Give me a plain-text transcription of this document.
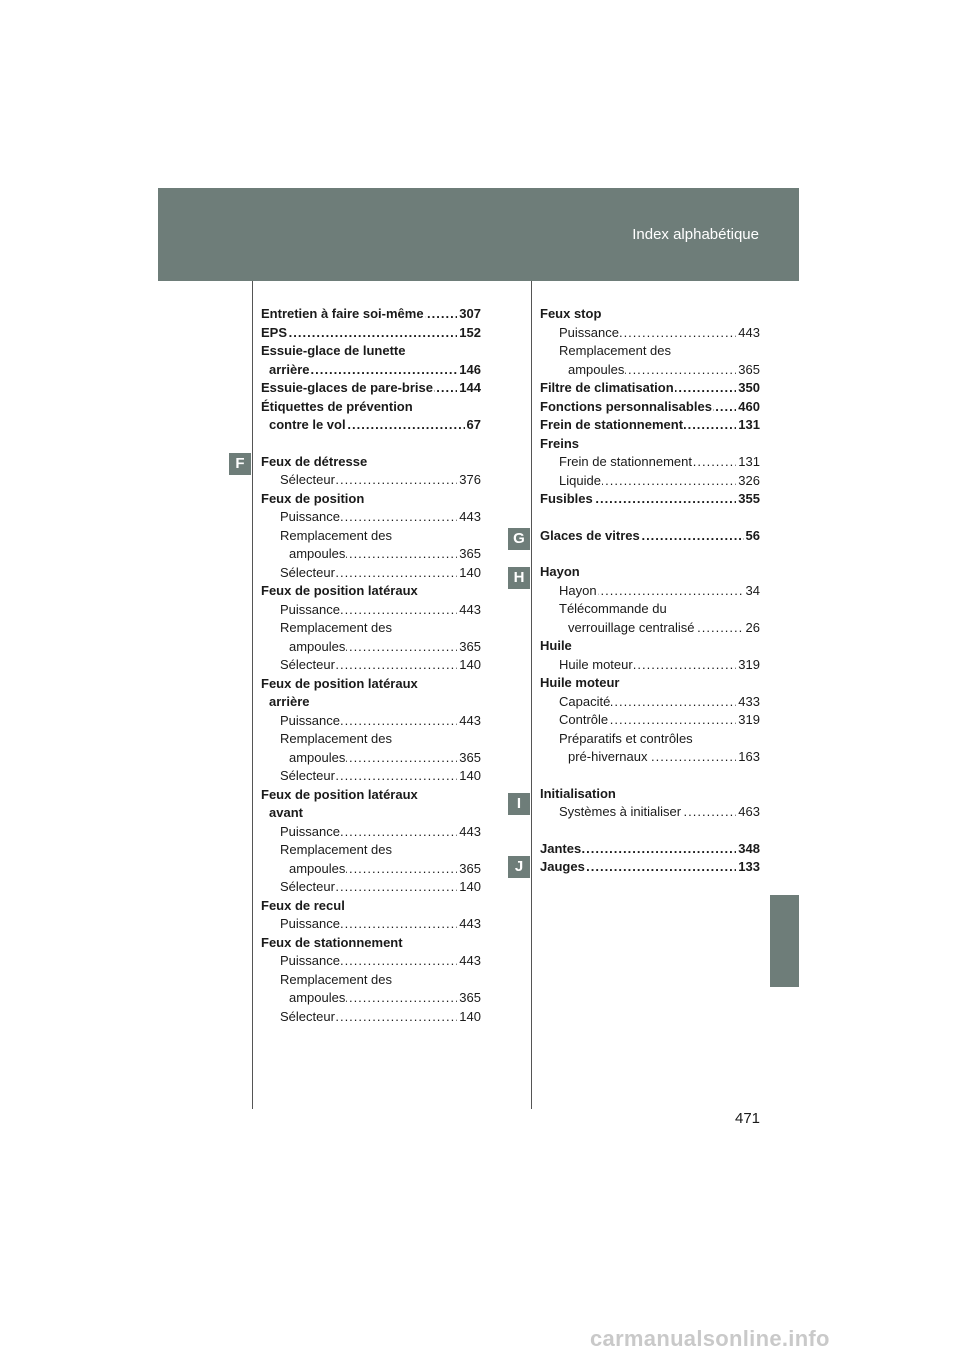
Index alphabétique
F
G
H
I
J
..... Entretien à faire soi-même	307
..... EPS	152
Essuie-glace de lunette
..... arrière	146
..... Essuie-glaces de pare-brise 144
Étiquettes de prévention
..... contre le vol	67
Feux de détresse
..... Sélecteur	376
Feux de position
..... Puissance	443
Remplacement des
..... ampoules	365
..... Sélecteur	140
Feux de position latéraux
..... Puissance	443
Remplacement des
..... ampoules	365
..... Sélecteur	140
Feux de position latéraux
arrière
..... Puissance	443
Remplacement des
..... ampoules	365
..... Sélecteur	140
Feux de position latéraux
avant
..... Puissance	443
Remplacement des
..... ampoules	365
..... Sélecteur	140
Feux de recul
..... Puissance	443
Feux de stationnement
..... Puissance	443
Remplacement des
..... ampoules	365
..... Sélecteur	140
Feux stop
..... Puissance	443
Remplacement des
..... ampoules	365
..... Filtre de climatisation	350
..... Fonctions personnalisables 460
..... Frein de stationnement	131
Freins
..... Frein de stationnement	131
..... Liquide	326
..... Fusibles	355
..... Glaces de vitres	56
Hayon
..... Hayon	34
Télécommande du
..... verrouillage centralisé	26
Huile
..... Huile moteur	319
Huile moteur
..... Capacité	433
..... Contrôle	319
Préparatifs et contrôles
..... pré-hivernaux	163
Initialisation
..... Systèmes à initialiser	463
..... Jantes	348
..... Jauges	133
471
carmanualsonline.info
